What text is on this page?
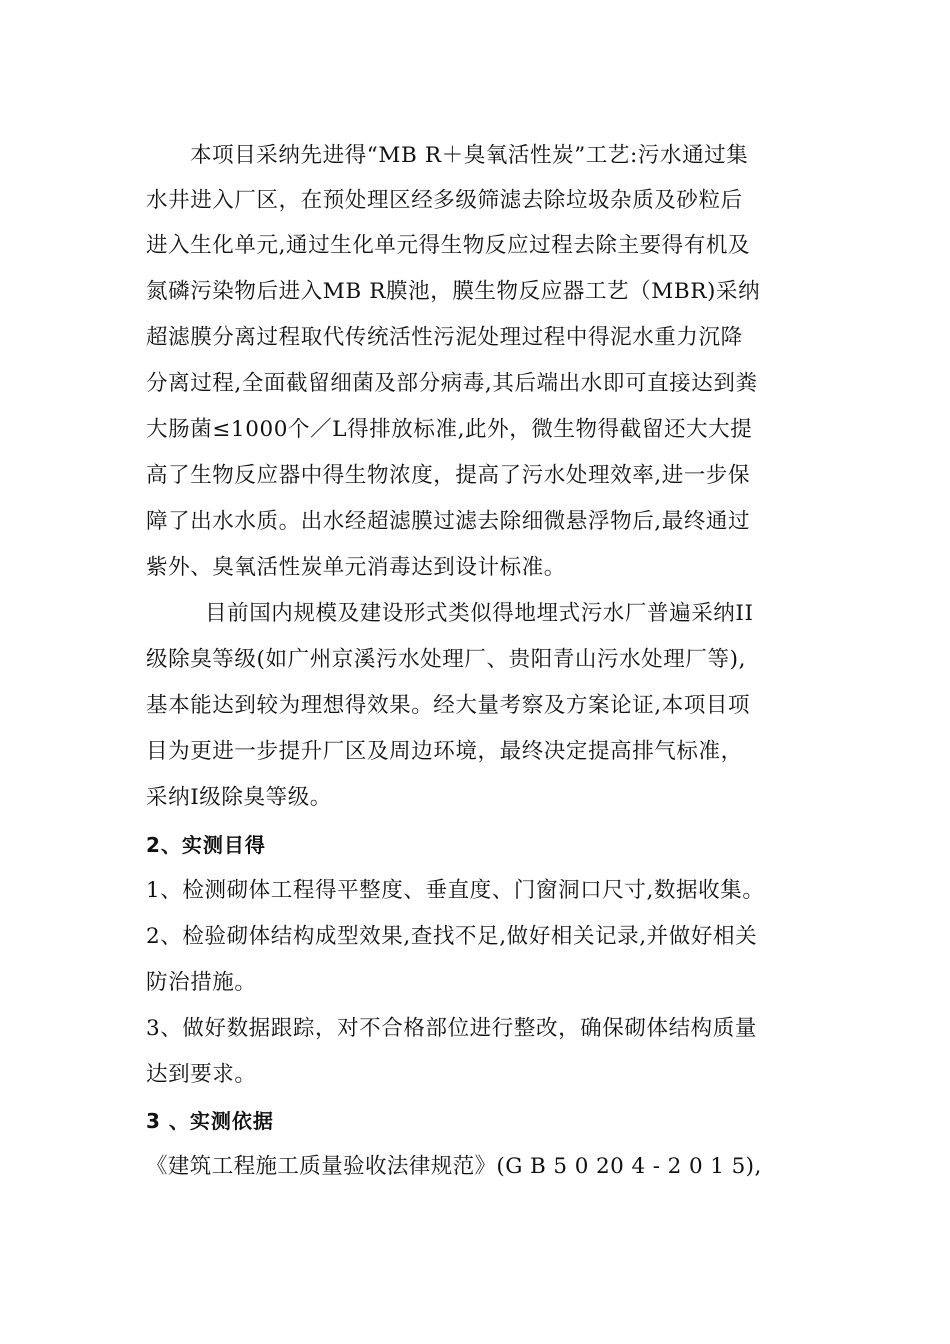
本项目采纳先进得“MB R＋臭氧活性炭”工艺:污水通过集
水井进入厂区，在预处理区经多级筛滤去除垃圾杂质及砂粒后
进入生化单元,通过生化单元得生物反应过程去除主要得有机及
氮磷污染物后进入MB R膜池，膜生物反应器工艺（MBR)采纳
超滤膜分离过程取代传统活性污泥处理过程中得泥水重力沉降
分离过程,全面截留细菌及部分病毒,其后端出水即可直接达到粪
大肠菌≤1000个／L得排放标准,此外，微生物得截留还大大提
高了生物反应器中得生物浓度，提高了污水处理效率,进一步保
障了出水水质。出水经超滤膜过滤去除细微悬浮物后,最终通过
紫外、臭氧活性炭单元消毒达到设计标准。
目前国内规模及建设形式类似得地埋式污水厂普遍采纳II
级除臭等级(如广州京溪污水处理厂、贵阳青山污水处理厂等),
基本能达到较为理想得效果。经大量考察及方案论证,本项目项
目为更进一步提升厂区及周边环境，最终决定提高排气标准，
采纳I级除臭等级。
2、实测目得
1、检测砌体工程得平整度、垂直度、门窗洞口尺寸,数据收集。
2、检验砌体结构成型效果,查找不足,做好相关记录,并做好相关
防治措施。
3、做好数据跟踪，对不合格部位进行整改，确保砌体结构质量
达到要求。
3 、实测依据
《建筑工程施工质量验收法律规范》(G B 5 0 20 4 - 2 0 1 5),
